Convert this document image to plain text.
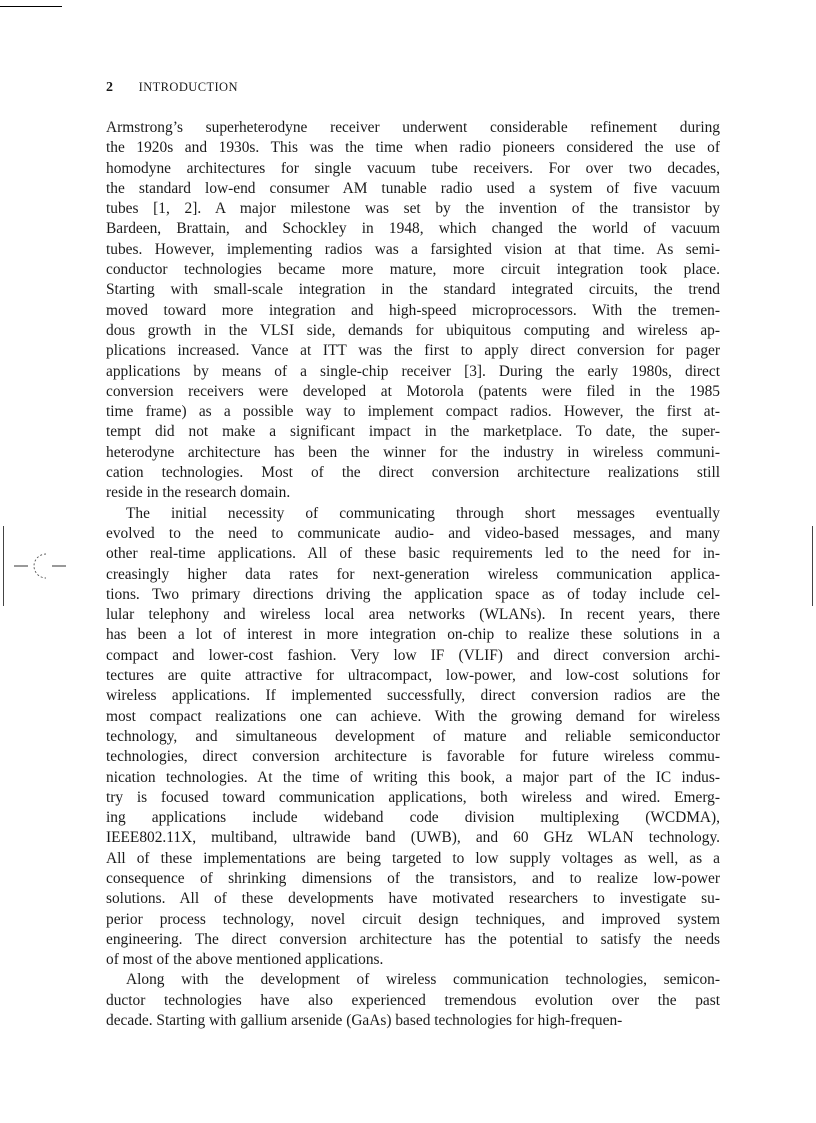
2 INTRODUCTION
Armstrong’s superheterodyne receiver underwent considerable refinement during
the 1920s and 1930s. This was the time when radio pioneers considered the use of
homodyne architectures for single vacuum tube receivers. For over two decades,
the standard low-end consumer AM tunable radio used a system of five vacuum
tubes [1, 2]. A major milestone was set by the invention of the transistor by
Bardeen, Brattain, and Schockley in 1948, which changed the world of vacuum
tubes. However, implementing radios was a farsighted vision at that time. As semi-
conductor technologies became more mature, more circuit integration took place.
Starting with small-scale integration in the standard integrated circuits, the trend
moved toward more integration and high-speed microprocessors. With the tremen-
dous growth in the VLSI side, demands for ubiquitous computing and wireless ap-
plications increased. Vance at ITT was the first to apply direct conversion for pager
applications by means of a single-chip receiver [3]. During the early 1980s, direct
conversion receivers were developed at Motorola (patents were filed in the 1985
time frame) as a possible way to implement compact radios. However, the first at-
tempt did not make a significant impact in the marketplace. To date, the super-
heterodyne architecture has been the winner for the industry in wireless communi-
cation technologies. Most of the direct conversion architecture realizations still
reside in the research domain.
The initial necessity of communicating through short messages eventually
evolved to the need to communicate audio- and video-based messages, and many
other real-time applications. All of these basic requirements led to the need for in-
creasingly higher data rates for next-generation wireless communication applica-
tions. Two primary directions driving the application space as of today include cel-
lular telephony and wireless local area networks (WLANs). In recent years, there
has been a lot of interest in more integration on-chip to realize these solutions in a
compact and lower-cost fashion. Very low IF (VLIF) and direct conversion archi-
tectures are quite attractive for ultracompact, low-power, and low-cost solutions for
wireless applications. If implemented successfully, direct conversion radios are the
most compact realizations one can achieve. With the growing demand for wireless
technology, and simultaneous development of mature and reliable semiconductor
technologies, direct conversion architecture is favorable for future wireless commu-
nication technologies. At the time of writing this book, a major part of the IC indus-
try is focused toward communication applications, both wireless and wired. Emerg-
ing applications include wideband code division multiplexing (WCDMA),
IEEE802.11X, multiband, ultrawide band (UWB), and 60 GHz WLAN technology.
All of these implementations are being targeted to low supply voltages as well, as a
consequence of shrinking dimensions of the transistors, and to realize low-power
solutions. All of these developments have motivated researchers to investigate su-
perior process technology, novel circuit design techniques, and improved system
engineering. The direct conversion architecture has the potential to satisfy the needs
of most of the above mentioned applications.
Along with the development of wireless communication technologies, semicon-
ductor technologies have also experienced tremendous evolution over the past
decade. Starting with gallium arsenide (GaAs) based technologies for high-frequen-
